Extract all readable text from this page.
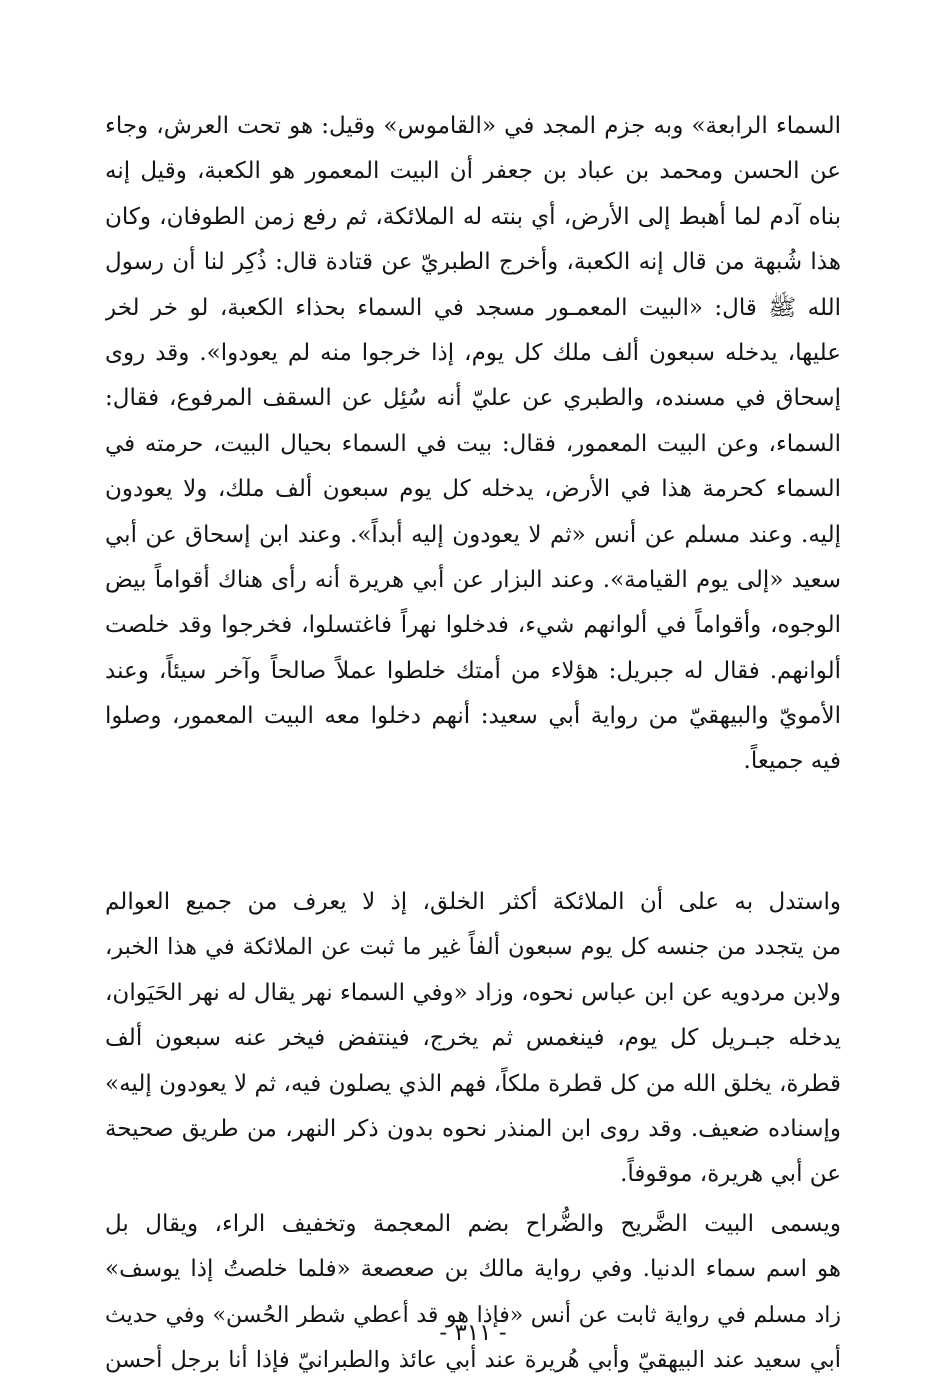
السماء الرابعة» وبه جزم المجد في «القاموس» وقيل: هو تحت العرش، وجاء
عن الحسن ومحمد بن عباد بن جعفر أن البيت المعمور هو الكعبة، وقيل إنه
بناه آدم لما أهبط إلى الأرض، أي بنته له الملائكة، ثم رفع زمن الطوفان، وكان
هذا شُبهة من قال إنه الكعبة، وأخرج الطبريّ عن قتادة قال: ذُكِر لنا أن رسول
الله ﷺ قال: «البيت المعمـور مسجد في السماء بحذاء الكعبة، لو خر لخر
عليها، يدخله سبعون ألف ملك كل يوم، إذا خرجوا منه لم يعودوا». وقد روى
إسحاق في مسنده، والطبري عن عليّ أنه سُئِل عن السقف المرفوع، فقال:
السماء، وعن البيت المعمور، فقال: بيت في السماء بحيال البيت، حرمته في
السماء كحرمة هذا في الأرض، يدخله كل يوم سبعون ألف ملك، ولا يعودون
إليه. وعند مسلم عن أنس «ثم لا يعودون إليه أبداً». وعند ابن إسحاق عن أبي
سعيد «إلى يوم القيامة». وعند البزار عن أبي هريرة أنه رأى هناك أقواماً بيض
الوجوه، وأقواماً في ألوانهم شيء، فدخلوا نهراً فاغتسلوا، فخرجوا وقد خلصت
ألوانهم. فقال له جبريل: هؤلاء من أمتك خلطوا عملاً صالحاً وآخر سيئاً، وعند
الأمويّ والبيهقيّ من رواية أبي سعيد: أنهم دخلوا معه البيت المعمور، وصلوا
فيه جميعاً.
واستدل به على أن الملائكة أكثر الخلق، إذ لا يعرف من جميع العوالم
من يتجدد من جنسه كل يوم سبعون ألفاً غير ما ثبت عن الملائكة في هذا الخبر،
ولابن مردويه عن ابن عباس نحوه، وزاد «وفي السماء نهر يقال له نهر الحَيَوان،
يدخله جبـريل كل يوم، فينغمس ثم يخرج، فينتفض فيخر عنه سبعون ألف
قطرة، يخلق الله من كل قطرة ملكاً، فهم الذي يصلون فيه، ثم لا يعودون إليه»
وإسناده ضعيف. وقد روى ابن المنذر نحوه بدون ذكر النهر، من طريق صحيحة
عن أبي هريرة، موقوفاً.
ويسمى البيت الضَّريح والضُّراح بضم المعجمة وتخفيف الراء، ويقال بل
هو اسم سماء الدنيا. وفي رواية مالك بن صعصعة «فلما خلصتُ إذا يوسف»
زاد مسلم في رواية ثابت عن أنس «فإذا هو قد أعطي شطر الحُسن» وفي حديث
أبي سعيد عند البيهقيّ وأبي هُريرة عند أبي عائذ والطبرانيّ فإذا أنا برجل أحسن
- ٣١١ -
